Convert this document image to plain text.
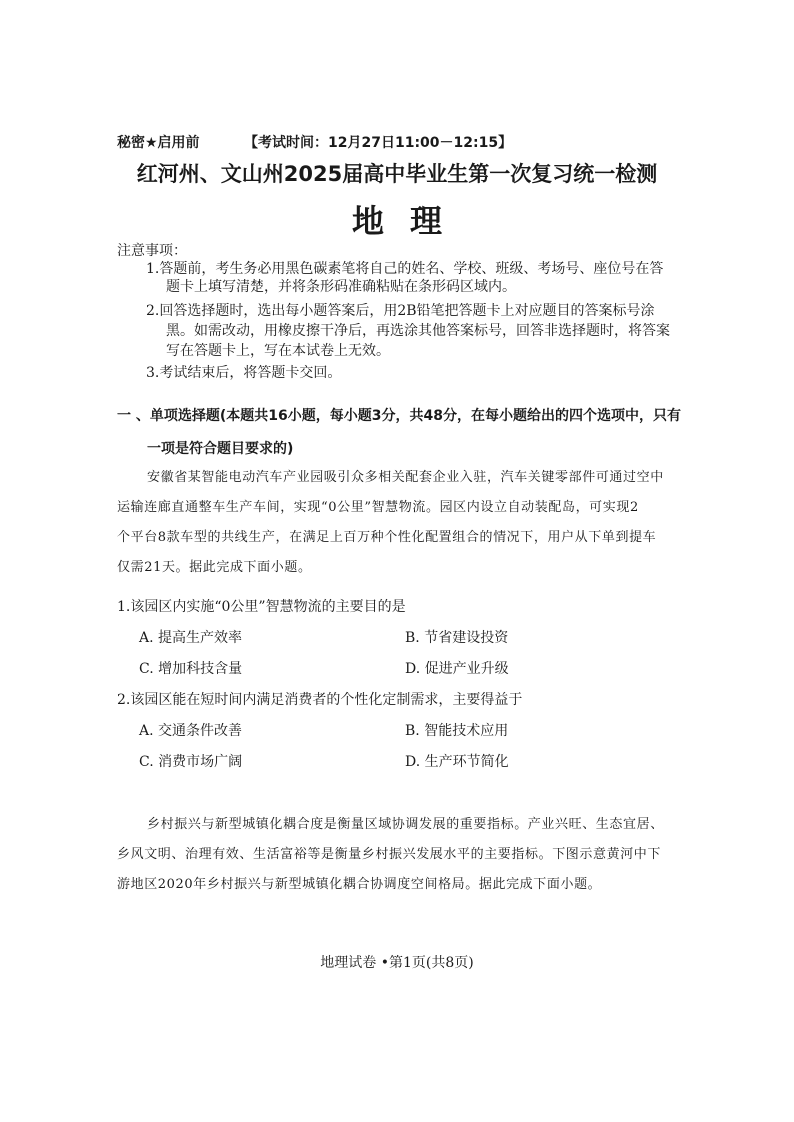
秘密★启用前	【考试时间：12月27日11:00－12:15】
红河州、文山州2025届高中毕业生第一次复习统一检测
地理
注意事项：
1.答题前，考生务必用黑色碳素笔将自己的姓名、学校、班级、考场号、座位号在答
题卡上填写清楚，并将条形码准确粘贴在条形码区域内。
2.回答选择题时，选出每小题答案后，用2B铅笔把答题卡上对应题目的答案标号涂
黑。如需改动，用橡皮擦干净后，再选涂其他答案标号，回答非选择题时，将答案
写在答题卡上，写在本试卷上无效。
3.考试结束后，将答题卡交回。
一 、单项选择题(本题共16小题，每小题3分，共48分，在每小题给出的四个选项中，只有
一项是符合题目要求的)

安徽省某智能电动汽车产业园吸引众多相关配套企业入驻，汽车关键零部件可通过空中

运输连廊直通整车生产车间，实现“0公里”智慧物流。园区内设立自动装配岛，可实现2

个平台8款车型的共线生产，在满足上百万种个性化配置组合的情况下，用户从下单到提车

仅需21天。据此完成下面小题。

1.该园区内实施“0公里”智慧物流的主要目的是
A. 提高生产效率	B. 节省建设投资
C. 增加科技含量	D. 促进产业升级
2.该园区能在短时间内满足消费者的个性化定制需求，主要得益于
A. 交通条件改善	B. 智能技术应用
C. 消费市场广阔	D. 生产环节简化

乡村振兴与新型城镇化耦合度是衡量区域协调发展的重要指标。产业兴旺、生态宜居、

乡风文明、治理有效、生活富裕等是衡量乡村振兴发展水平的主要指标。下图示意黄河中下

游地区2020年乡村振兴与新型城镇化耦合协调度空间格局。据此完成下面小题。

地理试卷 •第1页(共8页)
